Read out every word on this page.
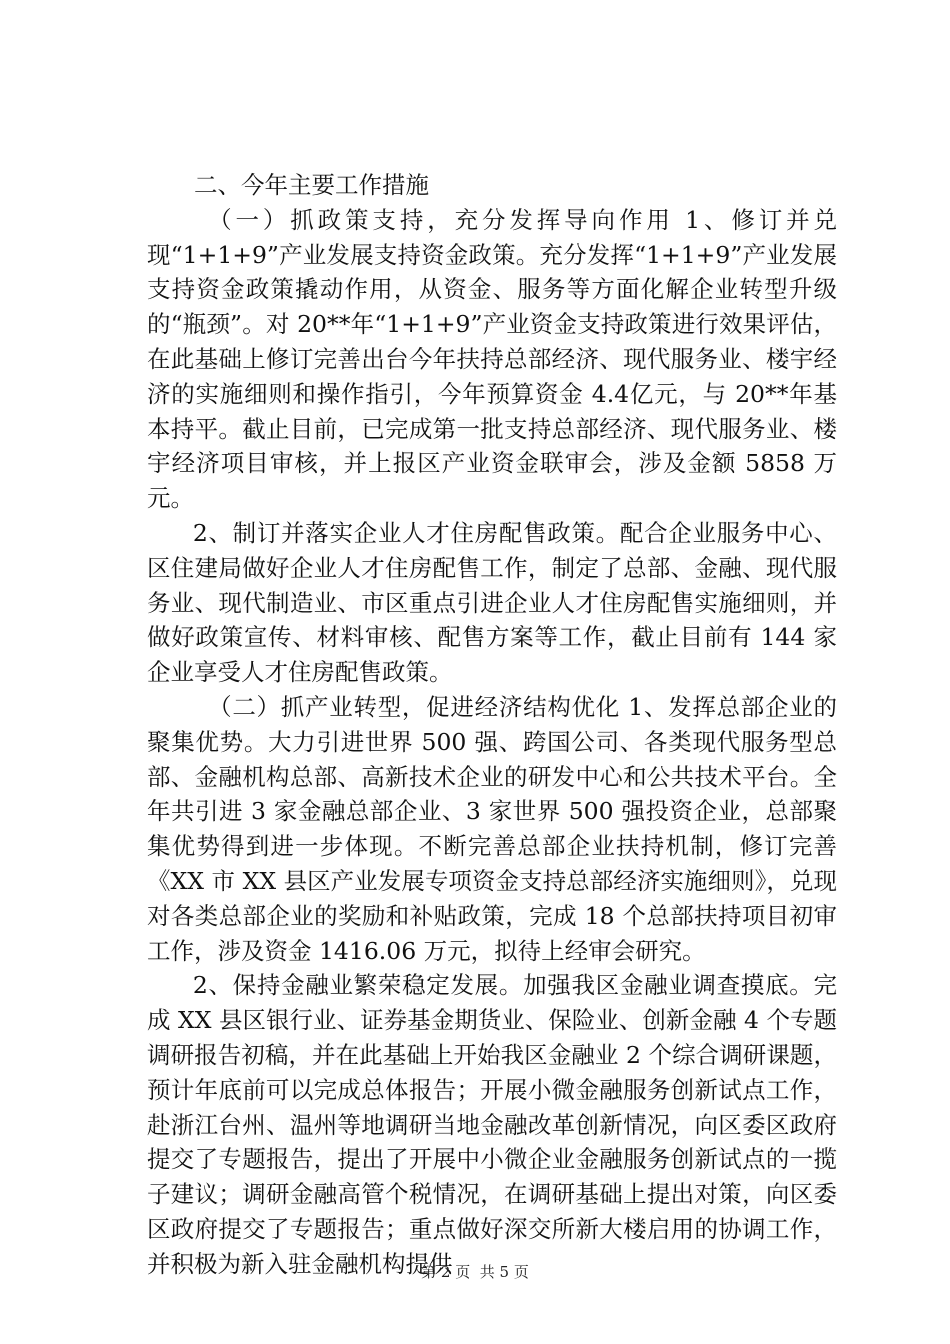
二、今年主要工作措施

（一）抓政策支持，充分发挥导向作用 1、修订并兑现“1+1+9”产业发展支持资金政策。充分发挥“1+1+9”产业发展支持资金政策撬动作用，从资金、服务等方面化解企业转型升级的“瓶颈”。对 20**年“1+1+9”产业资金支持政策进行效果评估，在此基础上修订完善出台今年扶持总部经济、现代服务业、楼宇经济的实施细则和操作指引，今年预算资金 4.4亿元，与 20**年基本持平。截止目前，已完成第一批支持总部经济、现代服务业、楼宇经济项目审核，并上报区产业资金联审会，涉及金额 5858 万元。

2、制订并落实企业人才住房配售政策。配合企业服务中心、区住建局做好企业人才住房配售工作，制定了总部、金融、现代服务业、现代制造业、市区重点引进企业人才住房配售实施细则，并做好政策宣传、材料审核、配售方案等工作，截止目前有 144 家企业享受人才住房配售政策。

（二）抓产业转型，促进经济结构优化 1、发挥总部企业的聚集优势。大力引进世界 500 强、跨国公司、各类现代服务型总部、金融机构总部、高新技术企业的研发中心和公共技术平台。全年共引进 3 家金融总部企业、3 家世界 500 强投资企业，总部聚集优势得到进一步体现。不断完善总部企业扶持机制，修订完善《XX 市 XX 县区产业发展专项资金支持总部经济实施细则》，兑现对各类总部企业的奖励和补贴政策，完成 18 个总部扶持项目初审工作，涉及资金 1416.06 万元，拟待上经审会研究。

2、保持金融业繁荣稳定发展。加强我区金融业调查摸底。完成 XX 县区银行业、证券基金期货业、保险业、创新金融 4 个专题调研报告初稿，并在此基础上开始我区金融业 2 个综合调研课题，预计年底前可以完成总体报告；开展小微金融服务创新试点工作，赴浙江台州、温州等地调研当地金融改革创新情况，向区委区政府提交了专题报告，提出了开展中小微企业金融服务创新试点的一揽子建议；调研金融高管个税情况，在调研基础上提出对策，向区委区政府提交了专题报告；重点做好深交所新大楼启用的协调工作，并积极为新入驻金融机构提供

第 2 页  共 5 页
